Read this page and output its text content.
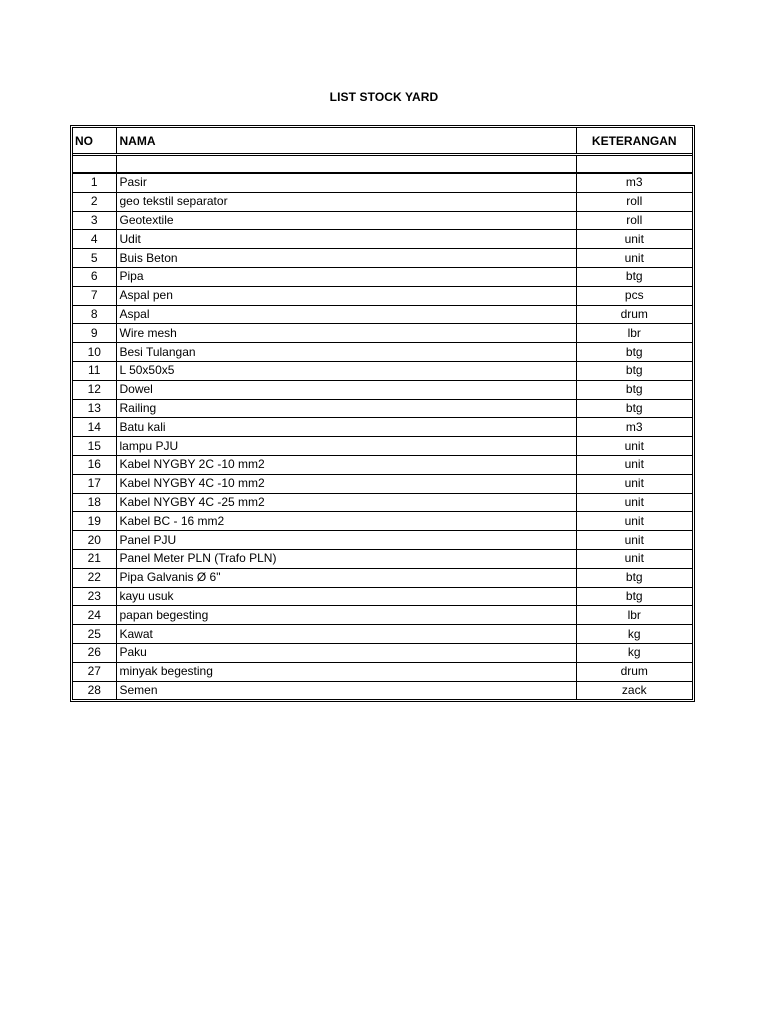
LIST STOCK YARD
NO	NAMA	KETERANGAN

1	Pasir	m3
2	geo tekstil separator	roll
3	Geotextile	roll
4	Udit	unit
5	Buis Beton	unit
6	Pipa	btg
7	Aspal pen	pcs
8	Aspal	drum
9	Wire mesh	lbr
10	Besi Tulangan	btg
11	L 50x50x5	btg
12	Dowel	btg
13	Railing	btg
14	Batu kali	m3
15	lampu PJU	unit
16	Kabel NYGBY 2C -10 mm2	unit
17	Kabel NYGBY 4C -10 mm2	unit
18	Kabel NYGBY 4C -25 mm2	unit
19	Kabel BC - 16 mm2	unit
20	Panel PJU	unit
21	Panel Meter PLN (Trafo PLN)	unit
22	Pipa Galvanis Ø 6"	btg
23	kayu usuk	btg
24	papan begesting	lbr
25	Kawat	kg
26	Paku	kg
27	minyak begesting	drum
28	Semen	zack
